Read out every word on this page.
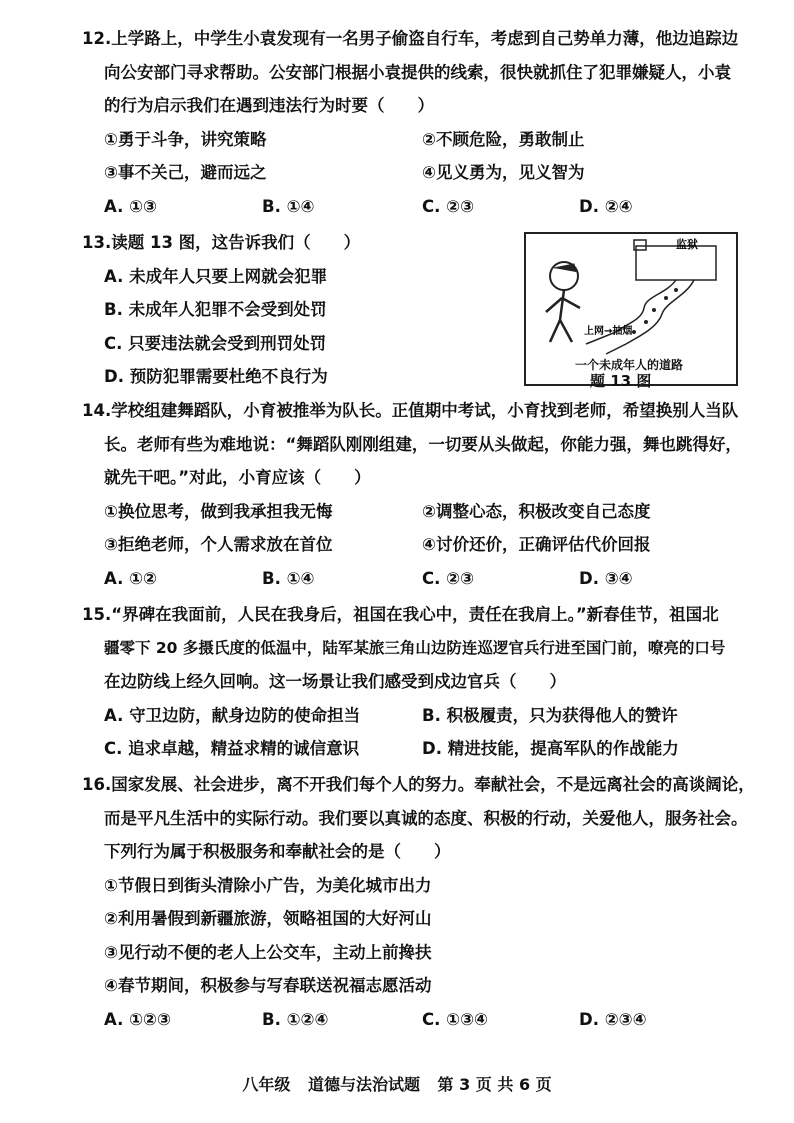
12.上学路上，中学生小袁发现有一名男子偷盗自行车，考虑到自己势单力薄，他边追踪边
向公安部门寻求帮助。公安部门根据小袁提供的线索，很快就抓住了犯罪嫌疑人，小袁
的行为启示我们在遇到违法行为时要（　　）
①勇于斗争，讲究策略	②不顾危险，勇敢制止
③事不关己，避而远之	④见义勇为，见义智为
A. ①③	B. ①④	C. ②③	D. ②④
13.读题 13 图，这告诉我们（　　）
A. 未成年人只要上网就会犯罪
B. 未成年人犯罪不会受到处罚
C. 只要违法就会受到刑罚处罚
D. 预防犯罪需要杜绝不良行为
监狱
上网→抽烟
一个未成年人的道路
题 13 图
14.学校组建舞蹈队，小育被推举为队长。正值期中考试，小育找到老师，希望换别人当队
长。老师有些为难地说：“舞蹈队刚刚组建，一切要从头做起，你能力强，舞也跳得好，
就先干吧。”对此，小育应该（　　）
①换位思考，做到我承担我无悔	②调整心态，积极改变自己态度
③拒绝老师，个人需求放在首位	④讨价还价，正确评估代价回报
A. ①②	B. ①④	C. ②③	D. ③④
15.“界碑在我面前，人民在我身后，祖国在我心中，责任在我肩上。”新春佳节，祖国北
疆零下 20 多摄氏度的低温中，陆军某旅三角山边防连巡逻官兵行进至国门前，嘹亮的口号
在边防线上经久回响。这一场景让我们感受到戍边官兵（　　）
A. 守卫边防，献身边防的使命担当	B. 积极履责，只为获得他人的赞许
C. 追求卓越，精益求精的诚信意识	D. 精进技能，提高军队的作战能力
16.国家发展、社会进步，离不开我们每个人的努力。奉献社会，不是远离社会的高谈阔论，
而是平凡生活中的实际行动。我们要以真诚的态度、积极的行动，关爱他人，服务社会。
下列行为属于积极服务和奉献社会的是（　　）
①节假日到街头清除小广告，为美化城市出力
②利用暑假到新疆旅游，领略祖国的大好河山
③见行动不便的老人上公交车，主动上前搀扶
④春节期间，积极参与写春联送祝福志愿活动
A. ①②③	B. ①②④	C. ①③④	D. ②③④
八年级 道德与法治试题 第 3 页 共 6 页
